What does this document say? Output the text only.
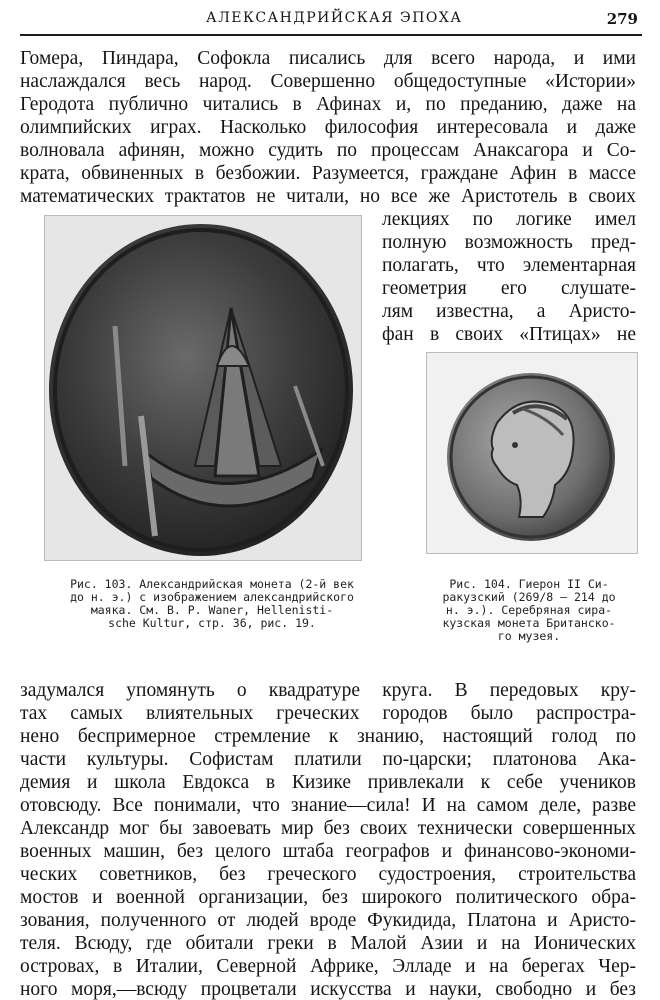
АЛЕКСАНДРИЙСКАЯ ЭПОХА	279
Гомера, Пиндара, Софокла писались для всего народа, и ими
наслаждался весь народ. Совершенно общедоступные «Истории»
Геродота публично читались в Афинах и, по преданию, даже на
олимпийских играх. Насколько философия интересовала и даже
волновала афинян, можно судить по процессам Анаксагора и Со-
крата, обвиненных в безбожии. Разумеется, граждане Афин в массе
математических трактатов не читали, но все же Аристотель в своих
лекциях по логике имел
полную возможность пред-
полагать, что элементарная
геометрия его слушате-
лям известна, а Аристо-
фан в своих «Птицах» не
Рис. 103. Александрийская монета (2-й век
до н. э.) с изображением александрийского
маяка. См. В. Р. Waner, Hellenisti-
sche Kultur, стр. 36, рис. 19.
Рис. 104. Гиерон II Си-
ракузский (269/8 — 214 до
н. э.). Серебряная сира-
кузская монета Британско-
го музея.
задумался упомянуть о квадратуре круга. В передовых кру-
тах самых влиятельных греческих городов было распростра-
нено беспримерное стремление к знанию, настоящий голод по
части культуры. Софистам платили по-царски; платонова Ака-
демия и школа Евдокса в Кизике привлекали к себе учеников
отовсюду. Все понимали, что знание—сила! И на самом деле, разве
Александр мог бы завоевать мир без своих технически совершенных
военных машин, без целого штаба географов и финансово-экономи-
ческих советников, без греческого судостроения, строительства
мостов и военной организации, без широкого политического обра-
зования, полученного от людей вроде Фукидида, Платона и Аристо-
теля. Всюду, где обитали греки в Малой Азии и на Ионических
островах, в Италии, Северной Африке, Элладе и на берегах Чер-
ного моря,—всюду процветали искусства и науки, свободно и без
